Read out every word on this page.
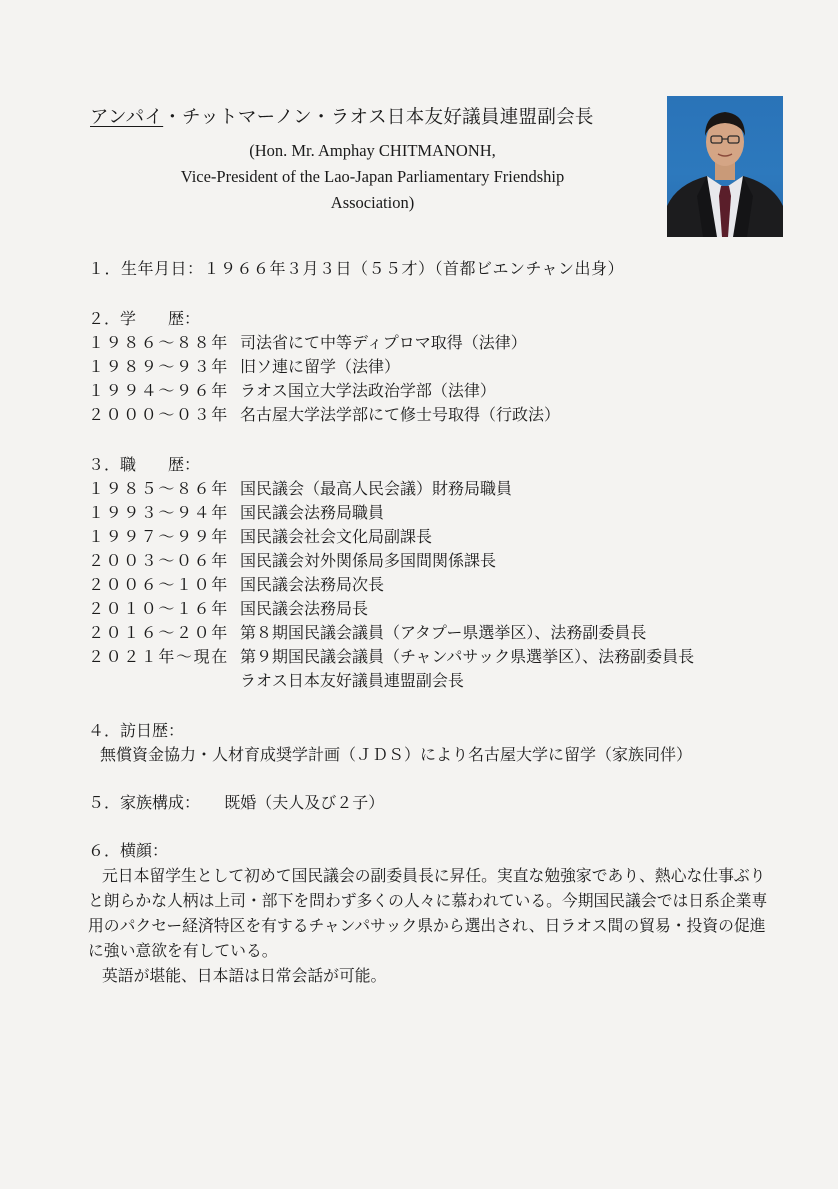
アンパイ・チットマーノン・ラオス日本友好議員連盟副会長
(Hon. Mr. Amphay CHITMANONH,
Vice-President of the Lao-Japan Parliamentary Friendship
Association)
１．生年月日：１９６６年３月３日（５５才）（首都ビエンチャン出身）
２．学　　歴：
１９８６～８８年 司法省にて中等ディプロマ取得（法律）
１９８９～９３年 旧ソ連に留学（法律）
１９９４～９６年 ラオス国立大学法政治学部（法律）
２０００～０３年 名古屋大学法学部にて修士号取得（行政法）
３．職　　歴：
１９８５～８６年 国民議会（最高人民会議）財務局職員
１９９３～９４年 国民議会法務局職員
１９９７～９９年 国民議会社会文化局副課長
２００３～０６年 国民議会対外関係局多国間関係課長
２００６～１０年 国民議会法務局次長
２０１０～１６年 国民議会法務局長
２０１６～２０年 第８期国民議会議員（アタプー県選挙区）、法務副委員長
２０２１年～現在 第９期国民議会議員（チャンパサック県選挙区）、法務副委員長
ラオス日本友好議員連盟副会長
４．訪日歴：
無償資金協力・人材育成奨学計画（ＪＤＳ）により名古屋大学に留学（家族同伴）
５．家族構成： 既婚（夫人及び２子）
６．横顔：
元日本留学生として初めて国民議会の副委員長に昇任。実直な勉強家であり、熱心な仕事ぶりと朗らかな人柄は上司・部下を問わず多くの人々に慕われている。今期国民議会では日系企業専用のパクセー経済特区を有するチャンパサック県から選出され、日ラオス間の貿易・投資の促進に強い意欲を有している。
英語が堪能、日本語は日常会話が可能。
